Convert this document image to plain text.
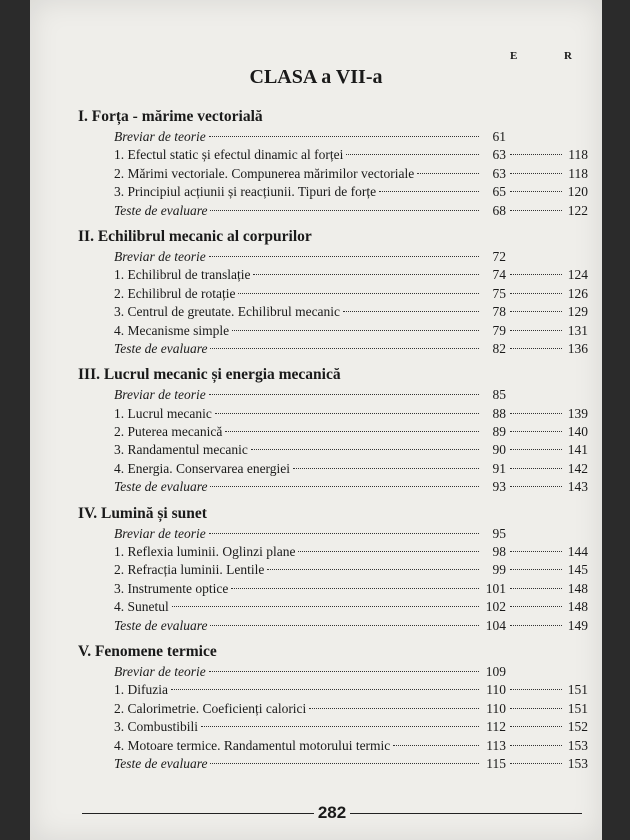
E	R
CLASA a VII-a
I. Forța - mărime vectorială
Breviar de teorie	61
1. Efectul static și efectul dinamic al forței	63	118
2. Mărimi vectoriale. Compunerea mărimilor vectoriale	63	118
3. Principiul acțiunii și reacțiunii. Tipuri de forțe	65	120
Teste de evaluare	68	122
II. Echilibrul mecanic al corpurilor
Breviar de teorie	72
1. Echilibrul de translație	74	124
2. Echilibrul de rotație	75	126
3. Centrul de greutate. Echilibrul mecanic	78	129
4. Mecanisme simple	79	131
Teste de evaluare	82	136
III. Lucrul mecanic și energia mecanică
Breviar de teorie	85
1. Lucrul mecanic	88	139
2. Puterea mecanică	89	140
3. Randamentul mecanic	90	141
4. Energia. Conservarea energiei	91	142
Teste de evaluare	93	143
IV. Lumină și sunet
Breviar de teorie	95
1. Reflexia luminii. Oglinzi plane	98	144
2. Refracția luminii. Lentile	99	145
3. Instrumente optice	101	148
4. Sunetul	102	148
Teste de evaluare	104	149
V. Fenomene termice
Breviar de teorie	109
1. Difuzia	110	151
2. Calorimetrie. Coeficienți calorici	110	151
3. Combustibili	112	152
4. Motoare termice. Randamentul motorului termic	113	153
Teste de evaluare	115	153
282
